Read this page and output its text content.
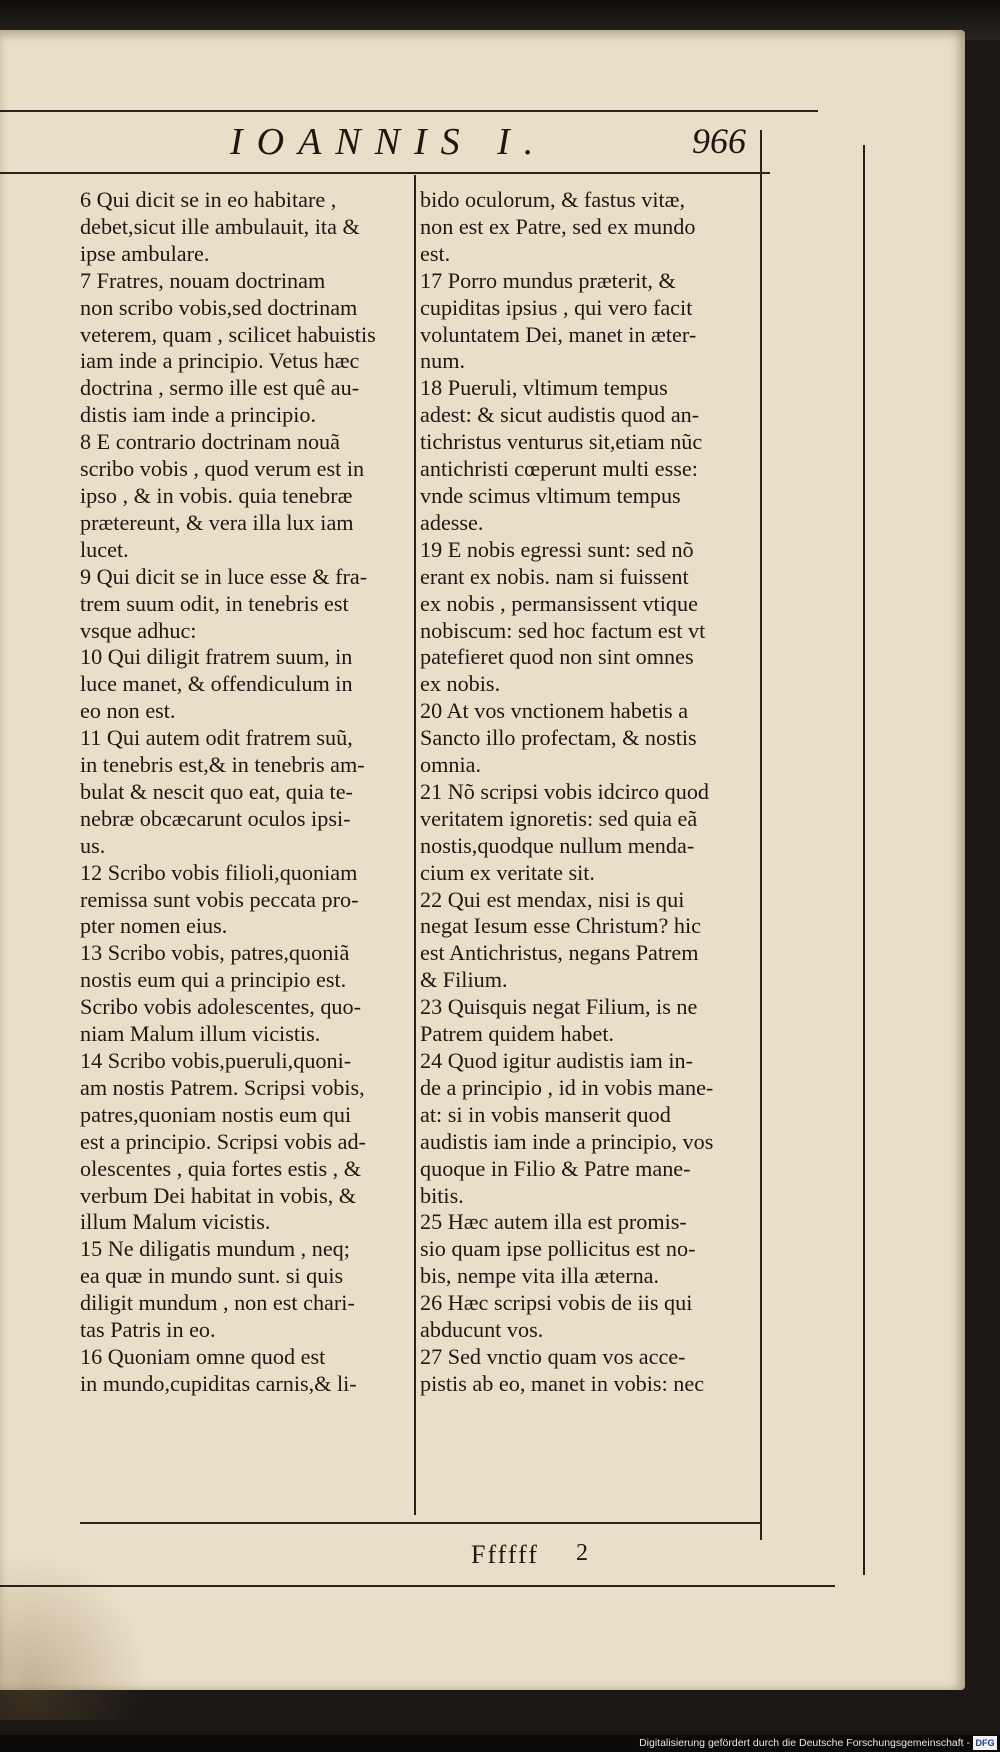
IOANNIS I.	966

6 Qui dicit se in eo habitare ,

debet,sicut ille ambulauit, ita &

ipse ambulare.

7 Fratres, nouam doctrinam

non scribo vobis,sed doctrinam

veterem, quam , scilicet habuistis

iam inde a principio. Vetus hæc

doctrina , sermo ille est quê au-

distis iam inde a principio.

8 E contrario doctrinam nouã

scribo vobis , quod verum est in

ipso , & in vobis. quia tenebræ

prætereunt, & vera illa lux iam

lucet.

9 Qui dicit se in luce esse & fra-

trem suum odit, in tenebris est

vsque adhuc:

10 Qui diligit fratrem suum, in

luce manet, & offendiculum in

eo non est.

11 Qui autem odit fratrem suũ,

in tenebris est,& in tenebris am-

bulat & nescit quo eat, quia te-

nebræ obcæcarunt oculos ipsi-

us.

12 Scribo vobis filioli,quoniam

remissa sunt vobis peccata pro-

pter nomen eius.

13 Scribo vobis, patres,quoniã

nostis eum qui a principio est.

Scribo vobis adolescentes, quo-

niam Malum illum vicistis.

14 Scribo vobis,pueruli,quoni-

am nostis Patrem. Scripsi vobis,

patres,quoniam nostis eum qui

est a principio. Scripsi vobis ad-

olescentes , quia fortes estis , &

verbum Dei habitat in vobis, &

illum Malum vicistis.

15 Ne diligatis mundum , neq;

ea quæ in mundo sunt. si quis

diligit mundum , non est chari-

tas Patris in eo.

16 Quoniam omne quod est

in mundo,cupiditas carnis,& li-

bido oculorum, & fastus vitæ,

non est ex Patre, sed ex mundo

est.

17 Porro mundus præterit, &

cupiditas ipsius , qui vero facit

voluntatem Dei, manet in æter-

num.

18 Pueruli, vltimum tempus

adest: & sicut audistis quod an-

tichristus venturus sit,etiam nũc

antichristi cœperunt multi esse:

vnde scimus vltimum tempus

adesse.

19 E nobis egressi sunt: sed nõ

erant ex nobis. nam si fuissent

ex nobis , permansissent vtique

nobiscum: sed hoc factum est vt

patefieret quod non sint omnes

ex nobis.

20 At vos vnctionem habetis a

Sancto illo profectam, & nostis

omnia.

21 Nõ scripsi vobis idcirco quod

veritatem ignoretis: sed quia eã

nostis,quodque nullum menda-

cium ex veritate sit.

22 Qui est mendax, nisi is qui

negat Iesum esse Christum? hic

est Antichristus, negans Patrem

& Filium.

23 Quisquis negat Filium, is ne

Patrem quidem habet.

24 Quod igitur audistis iam in-

de a principio , id in vobis mane-

at: si in vobis manserit quod

audistis iam inde a principio, vos

quoque in Filio & Patre mane-

bitis.

25 Hæc autem illa est promis-

sio quam ipse pollicitus est no-

bis, nempe vita illa æterna.

26 Hæc scripsi vobis de iis qui

abducunt vos.

27 Sed vnctio quam vos acce-

pistis ab eo, manet in vobis: nec

Ffffff 2
Digitalisierung gefördert durch die Deutsche Forschungsgemeinschaft - DFG
